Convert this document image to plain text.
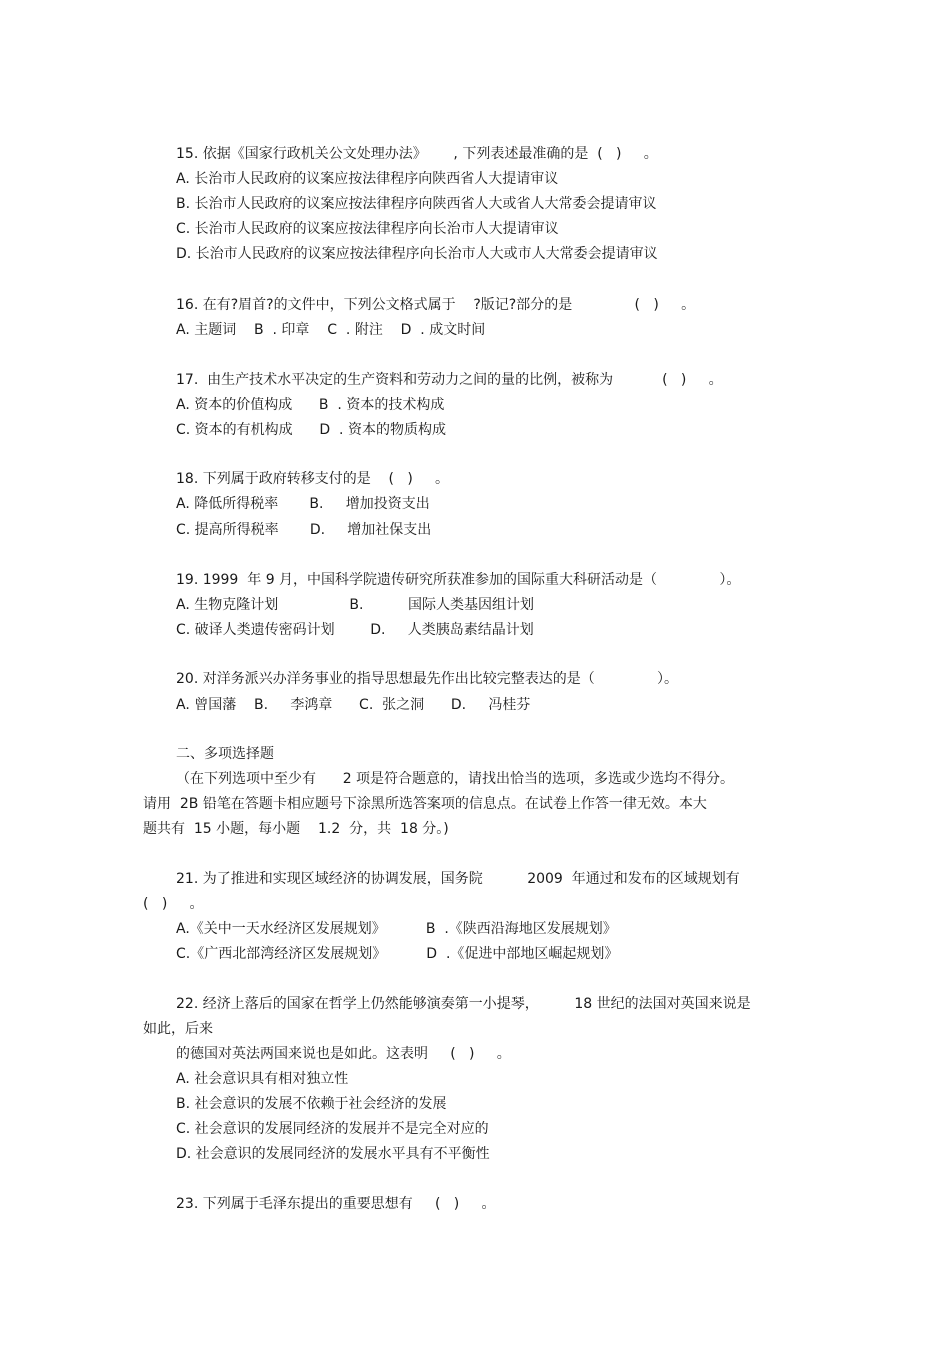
15. 依据《国家行政机关公文处理办法》      , 下列表述最准确的是  (   )     。
A. 长治市人民政府的议案应按法律程序向陕西省人大提请审议
B. 长治市人民政府的议案应按法律程序向陕西省人大或省人大常委会提请审议
C. 长治市人民政府的议案应按法律程序向长治市人大提请审议
D. 长治市人民政府的议案应按法律程序向长治市人大或市人大常委会提请审议
16. 在有?眉首?的文件中，下列公文格式属于    ?版记?部分的是              (   )     。
A. 主题词    B  . 印章    C  . 附注    D  . 成文时间
17.  由生产技术水平决定的生产资料和劳动力之间的量的比例，被称为           (   )     。
A. 资本的价值构成      B  . 资本的技术构成
C. 资本的有机构成      D  . 资本的物质构成
18. 下列属于政府转移支付的是    (   )     。
A. 降低所得税率       B.     增加投资支出
C. 提高所得税率       D.     增加社保支出
19. 1999  年 9 月，中国科学院遗传研究所获准参加的国际重大科研活动是（              ）。
A. 生物克隆计划                B.          国际人类基因组计划
C. 破译人类遗传密码计划        D.     人类胰岛素结晶计划
20. 对洋务派兴办洋务事业的指导思想最先作出比较完整表达的是（              ）。
A. 曾国藩    B.     李鸿章      C.  张之洞      D.     冯桂芬
二、多项选择题
（在下列选项中至少有      2 项是符合题意的，请找出恰当的选项，多选或少选均不得分。
请用  2B 铅笔在答题卡相应题号下涂黑所选答案项的信息点。在试卷上作答一律无效。本大
题共有  15 小题，每小题    1.2  分，共  18 分。)
21. 为了推进和实现区域经济的协调发展，国务院          2009  年通过和发布的区域规划有
(   )     。
A.《关中一天水经济区发展规划》         B  .《陕西沿海地区发展规划》
C.《广西北部湾经济区发展规划》         D  .《促进中部地区崛起规划》
22. 经济上落后的国家在哲学上仍然能够演奏第一小提琴，        18 世纪的法国对英国来说是
如此，后来
的德国对英法两国来说也是如此。这表明     (   )     。
A. 社会意识具有相对独立性
B. 社会意识的发展不依赖于社会经济的发展
C. 社会意识的发展同经济的发展并不是完全对应的
D. 社会意识的发展同经济的发展水平具有不平衡性
23. 下列属于毛泽东提出的重要思想有     (   )     。
